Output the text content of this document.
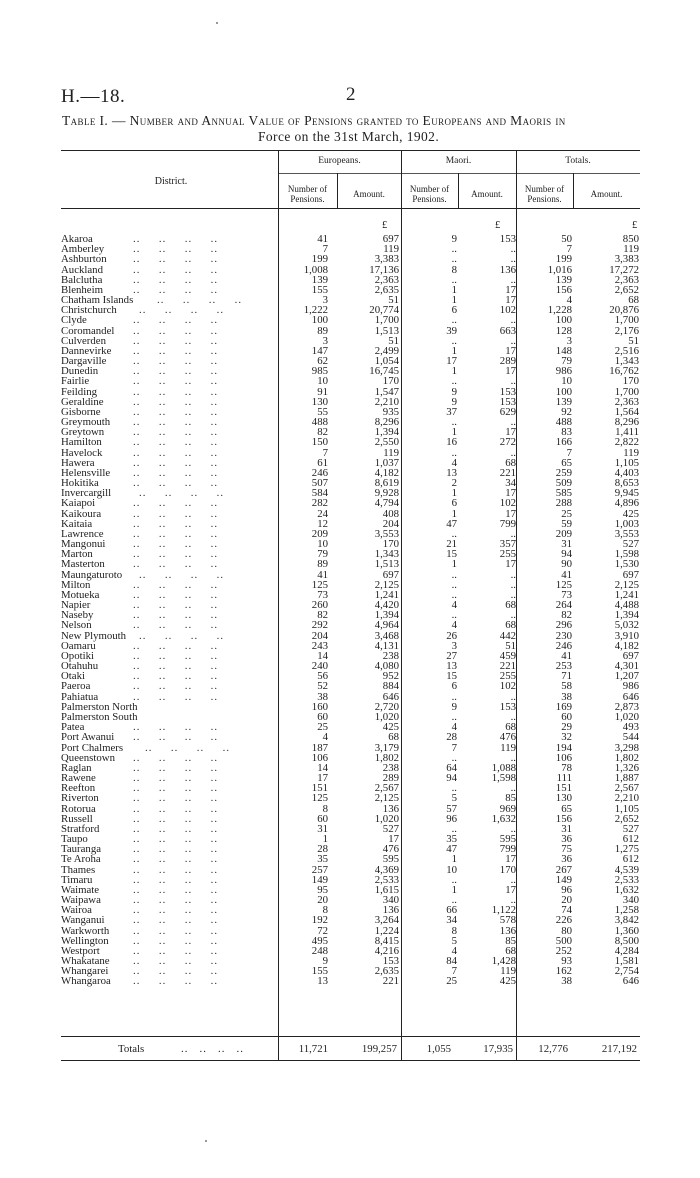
H.—18.	2
Table I. — Number and Annual Value of Pensions granted to Europeans and Maoris in
Force on the 31st March, 1902.
District.
Europeans.	Maori.	Totals.
Number of
Pensions.	Amount.	Number of
Pensions.	Amount.	Number of
Pensions.	Amount.
£	£	£
Akaroa	..     ..     ..     ..	41	697	9	153	50	850
Amberley	..     ..     ..     ..	7	119	..	..	7	119
Ashburton ..     ..     ..     ..	199	3,383	..	..	199	3,383
Auckland	..     ..     ..     ..	1,008	17,136	8	136	1,016	17,272
Balclutha	..     ..     ..     ..	139	2,363	..	..	139	2,363
Blenheim	..     ..     ..     ..	155	2,635	1	17	156	2,652
Chatham Islands ..     ..     ..     ..	3	51	1	17	4	68
Christchurch ..     ..     ..     ..	1,222	20,774	6	102	1,228	20,876
Clyde	..     ..     ..     ..	100	1,700	..	..	100	1,700
Coromandel ..     ..     ..     ..	89	1,513	39	663	128	2,176
Culverden	..     ..     ..     ..	3	51	..	..	3	51
Dannevirke ..     ..     ..     ..	147	2,499	1	17	148	2,516
Dargaville ..     ..     ..     ..	62	1,054	17	289	79	1,343
Dunedin	..     ..     ..     ..	985	16,745	1	17	986	16,762
Fairlie	..     ..     ..     ..	10	170	..	..	10	170
Feilding	..     ..     ..     ..	91	1,547	9	153	100	1,700
Geraldine	..     ..     ..     ..	130	2,210	9	153	139	2,363
Gisborne	..     ..     ..     ..	55	935	37	629	92	1,564
Greymouth ..     ..     ..     ..	488	8,296	..	..	488	8,296
Greytown	..     ..     ..     ..	82	1,394	1	17	83	1,411
Hamilton	..     ..     ..     ..	150	2,550	16	272	166	2,822
Havelock	..     ..     ..     ..	7	119	..	..	7	119
Hawera	..     ..     ..     ..	61	1,037	4	68	65	1,105
Helensville ..     ..     ..     ..	246	4,182	13	221	259	4,403
Hokitika	..     ..     ..     ..	507	8,619	2	34	509	8,653
Invercargill	..     ..     ..     ..	584	9,928	1	17	585	9,945
Kaiapoi	..     ..     ..     ..	282	4,794	6	102	288	4,896
Kaikoura	..     ..     ..     ..	24	408	1	17	25	425
Kaitaia	..     ..     ..     ..	12	204	47	799	59	1,003
Lawrence	..     ..     ..     ..	209	3,553	..	..	209	3,553
Mangonui	..     ..     ..     ..	10	170	21	357	31	527
Marton	..     ..     ..     ..	79	1,343	15	255	94	1,598
Masterton	..     ..     ..     ..	89	1,513	1	17	90	1,530
Maungaturoto ..     ..     ..     ..	41	697	..	..	41	697
Milton	..     ..     ..     ..	125	2,125	..	..	125	2,125
Motueka	..     ..     ..     ..	73	1,241	..	..	73	1,241
Napier	..     ..     ..     ..	260	4,420	4	68	264	4,488
Naseby	..     ..     ..     ..	82	1,394	..	..	82	1,394
Nelson	..     ..     ..     ..	292	4,964	4	68	296	5,032
New Plymouth ..     ..     ..     ..	204	3,468	26	442	230	3,910
Oamaru	..     ..     ..     ..	243	4,131	3	51	246	4,182
Opotiki	..     ..     ..     ..	14	238	27	459	41	697
Otahuhu	..     ..     ..     ..	240	4,080	13	221	253	4,301
Otaki	..     ..     ..     ..	56	952	15	255	71	1,207
Paeroa	..     ..     ..     ..	52	884	6	102	58	986
Pahiatua	..     ..     ..     ..	38	646	..	..	38	646
Palmerston North	160	2,720	9	153	169	2,873
Palmerston South	60	1,020	..	..	60	1,020
Patea	..     ..     ..     ..	25	425	4	68	29	493
Port Awanui ..     ..     ..     ..	4	68	28	476	32	544
Port Chalmers ..     ..     ..     ..	187	3,179	7	119	194	3,298
Queenstown ..     ..     ..     ..	106	1,802	..	..	106	1,802
Raglan	..     ..     ..     ..	14	238	64	1,088	78	1,326
Rawene	..     ..     ..     ..	17	289	94	1,598	111	1,887
Reefton	..     ..     ..     ..	151	2,567	..	..	151	2,567
Riverton	..     ..     ..     ..	125	2,125	5	85	130	2,210
Rotorua	..     ..     ..     ..	8	136	57	969	65	1,105
Russell	..     ..     ..     ..	60	1,020	96	1,632	156	2,652
Stratford	..     ..     ..     ..	31	527	..	..	31	527
Taupo	..     ..     ..     ..	1	17	35	595	36	612
Tauranga	..     ..     ..     ..	28	476	47	799	75	1,275
Te Aroha	..     ..     ..     ..	35	595	1	17	36	612
Thames	..     ..     ..     ..	257	4,369	10	170	267	4,539
Timaru	..     ..     ..     ..	149	2,533	..	..	149	2,533
Waimate	..     ..     ..     ..	95	1,615	1	17	96	1,632
Waipawa	..     ..     ..     ..	20	340	..	..	20	340
Wairoa	..     ..     ..     ..	8	136	66	1,122	74	1,258
Wanganui	..     ..     ..     ..	192	3,264	34	578	226	3,842
Warkworth ..     ..     ..     ..	72	1,224	8	136	80	1,360
Wellington ..     ..     ..     ..	495	8,415	5	85	500	8,500
Westport	..     ..     ..     ..	248	4,216	4	68	252	4,284
Whakatane ..     ..     ..     ..	9	153	84	1,428	93	1,581
Whangarei ..     ..     ..     ..	155	2,635	7	119	162	2,754
Whangaroa ..     ..     ..     ..	13	221	25	425	38	646
Totals	..   ..   ..   ..	11,721	199,257	1,055	17,935	12,776	217,192
